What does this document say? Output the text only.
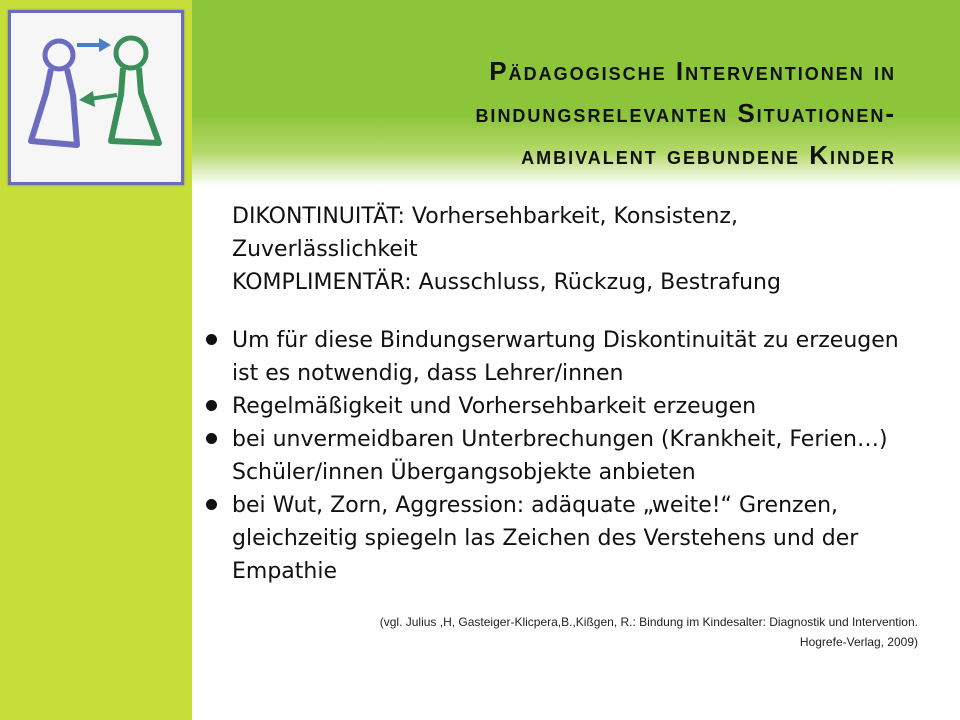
Pädagogische Interventionen in
bindungsrelevanten Situationen-
ambivalent gebundene Kinder

DIKONTINUITÄT: Vorhersehbarkeit, Konsistenz, Zuverlässlichkeit

KOMPLIMENTÄR: Ausschluss, Rückzug, Bestrafung

Um für diese Bindungserwartung Diskontinuität zu erzeugen ist es notwendig, dass Lehrer/innen
Regelmäßigkeit und Vorhersehbarkeit erzeugen
bei unvermeidbaren Unterbrechungen (Krankheit, Ferien…) Schüler/innen Übergangsobjekte anbieten
bei Wut, Zorn, Aggression: adäquate „weite!“ Grenzen, gleichzeitig spiegeln las Zeichen des Verstehens und der Empathie
(vgl. Julius ,H, Gasteiger-Klicpera,B.,Kißgen, R.: Bindung im Kindesalter: Diagnostik und Intervention.
Hogrefe-Verlag, 2009)
